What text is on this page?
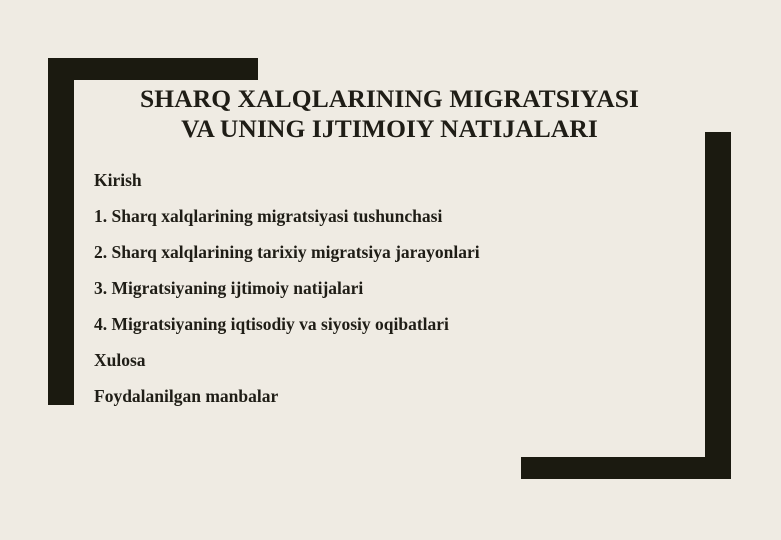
SHARQ XALQLARINING MIGRATSIYASI
VA UNING IJTIMOIY NATIJALARI
Kirish
1. Sharq xalqlarining migratsiyasi tushunchasi
2. Sharq xalqlarining tarixiy migratsiya jarayonlari
3. Migratsiyaning ijtimoiy natijalari
4. Migratsiyaning iqtisodiy va siyosiy oqibatlari
Xulosa
Foydalanilgan manbalar
